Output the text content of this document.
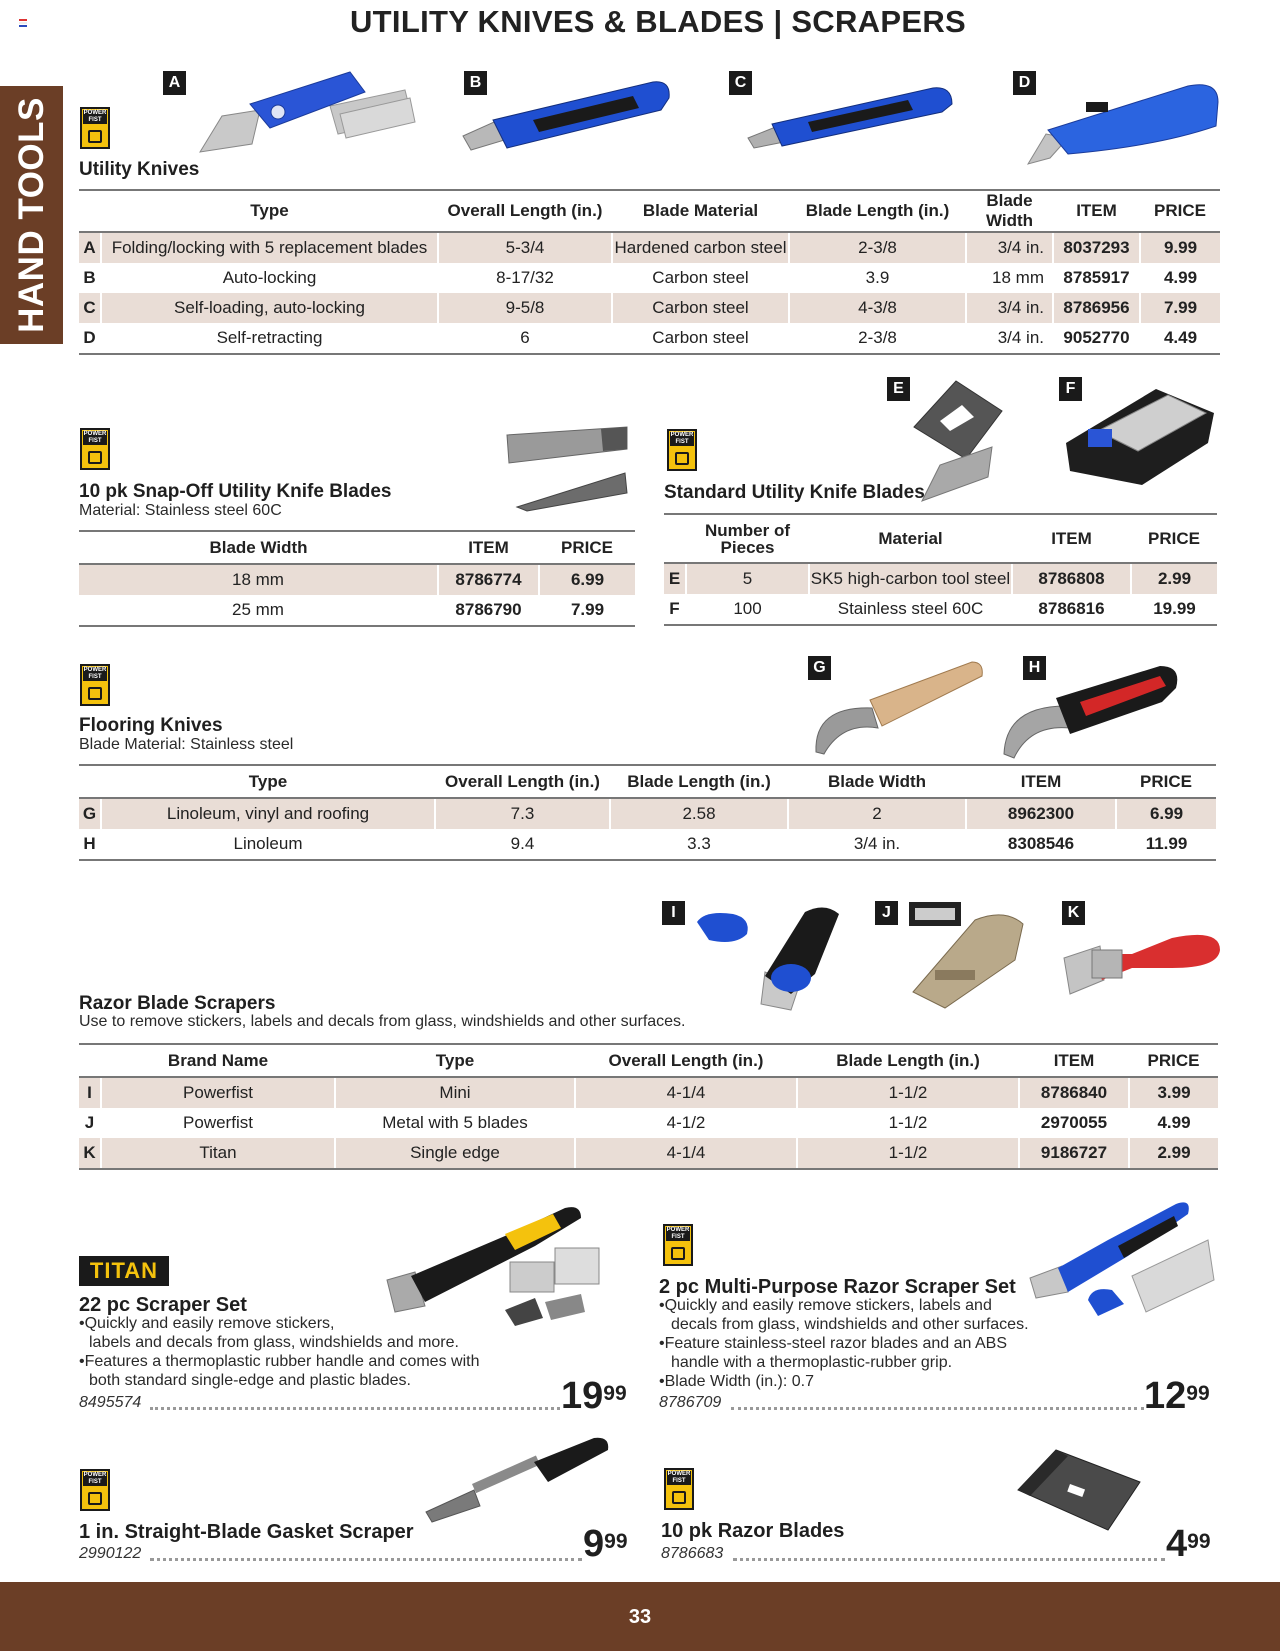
UTILITY KNIVES & BLADES | SCRAPERS
HAND TOOLS
A	B	C	D
POWER FIST
Utility Knives
	Type	Overall Length (in.)	Blade Material	Blade Length (in.)	Blade Width	ITEM	PRICE
A	Folding/locking with 5 replacement blades	5-3/4	Hardened carbon steel	2-3/8	3/4 in.	8037293	9.99
B	Auto-locking	8-17/32	Carbon steel	3.9	18 mm	8785917	4.99
C	Self-loading, auto-locking	9-5/8	Carbon steel	4-3/8	3/4 in.	8786956	7.99
D	Self-retracting	6	Carbon steel	2-3/8	3/4 in.	9052770	4.49
POWER FIST
10 pk Snap-Off Utility Knife Blades
Material: Stainless steel 60C
Blade Width	ITEM	PRICE
18 mm	8786774	6.99
25 mm	8786790	7.99
E	F
POWER FIST
Standard Utility Knife Blades
	Number of Pieces	Material	ITEM	PRICE
E	5	SK5 high-carbon tool steel	8786808	2.99
F	100	Stainless steel 60C	8786816	19.99
POWER FIST
G	H
Flooring Knives
Blade Material: Stainless steel
	Type	Overall Length (in.)	Blade Length (in.)	Blade Width	ITEM	PRICE
G	Linoleum, vinyl and roofing	7.3	2.58	2	8962300	6.99
H	Linoleum	9.4	3.3	3/4 in.	8308546	11.99
I	J	K
Razor Blade Scrapers
Use to remove stickers, labels and decals from glass, windshields and other surfaces.
	Brand Name	Type	Overall Length (in.)	Blade Length (in.)	ITEM	PRICE
I	Powerfist	Mini	4-1/4	1-1/2	8786840	3.99
J	Powerfist	Metal with 5 blades	4-1/2	1-1/2	2970055	4.99
K	Titan	Single edge	4-1/4	1-1/2	9186727	2.99
TITAN
22 pc Scraper Set
•Quickly and easily remove stickers,
labels and decals from glass, windshields and more.
•Features a thermoplastic rubber handle and comes with
both standard single-edge and plastic blades.
8495574	$19^{99}$
POWER FIST
2 pc Multi-Purpose Razor Scraper Set
•Quickly and easily remove stickers, labels and
decals from glass, windshields and other surfaces.
•Feature stainless-steel razor blades and an ABS
handle with a thermoplastic-rubber grip.
•Blade Width (in.): 0.7
8786709	$12^{99}$
POWER FIST
1 in. Straight-Blade Gasket Scraper
2990122	$9^{99}$
POWER FIST
10 pk Razor Blades
8786683	$4^{99}$
33
